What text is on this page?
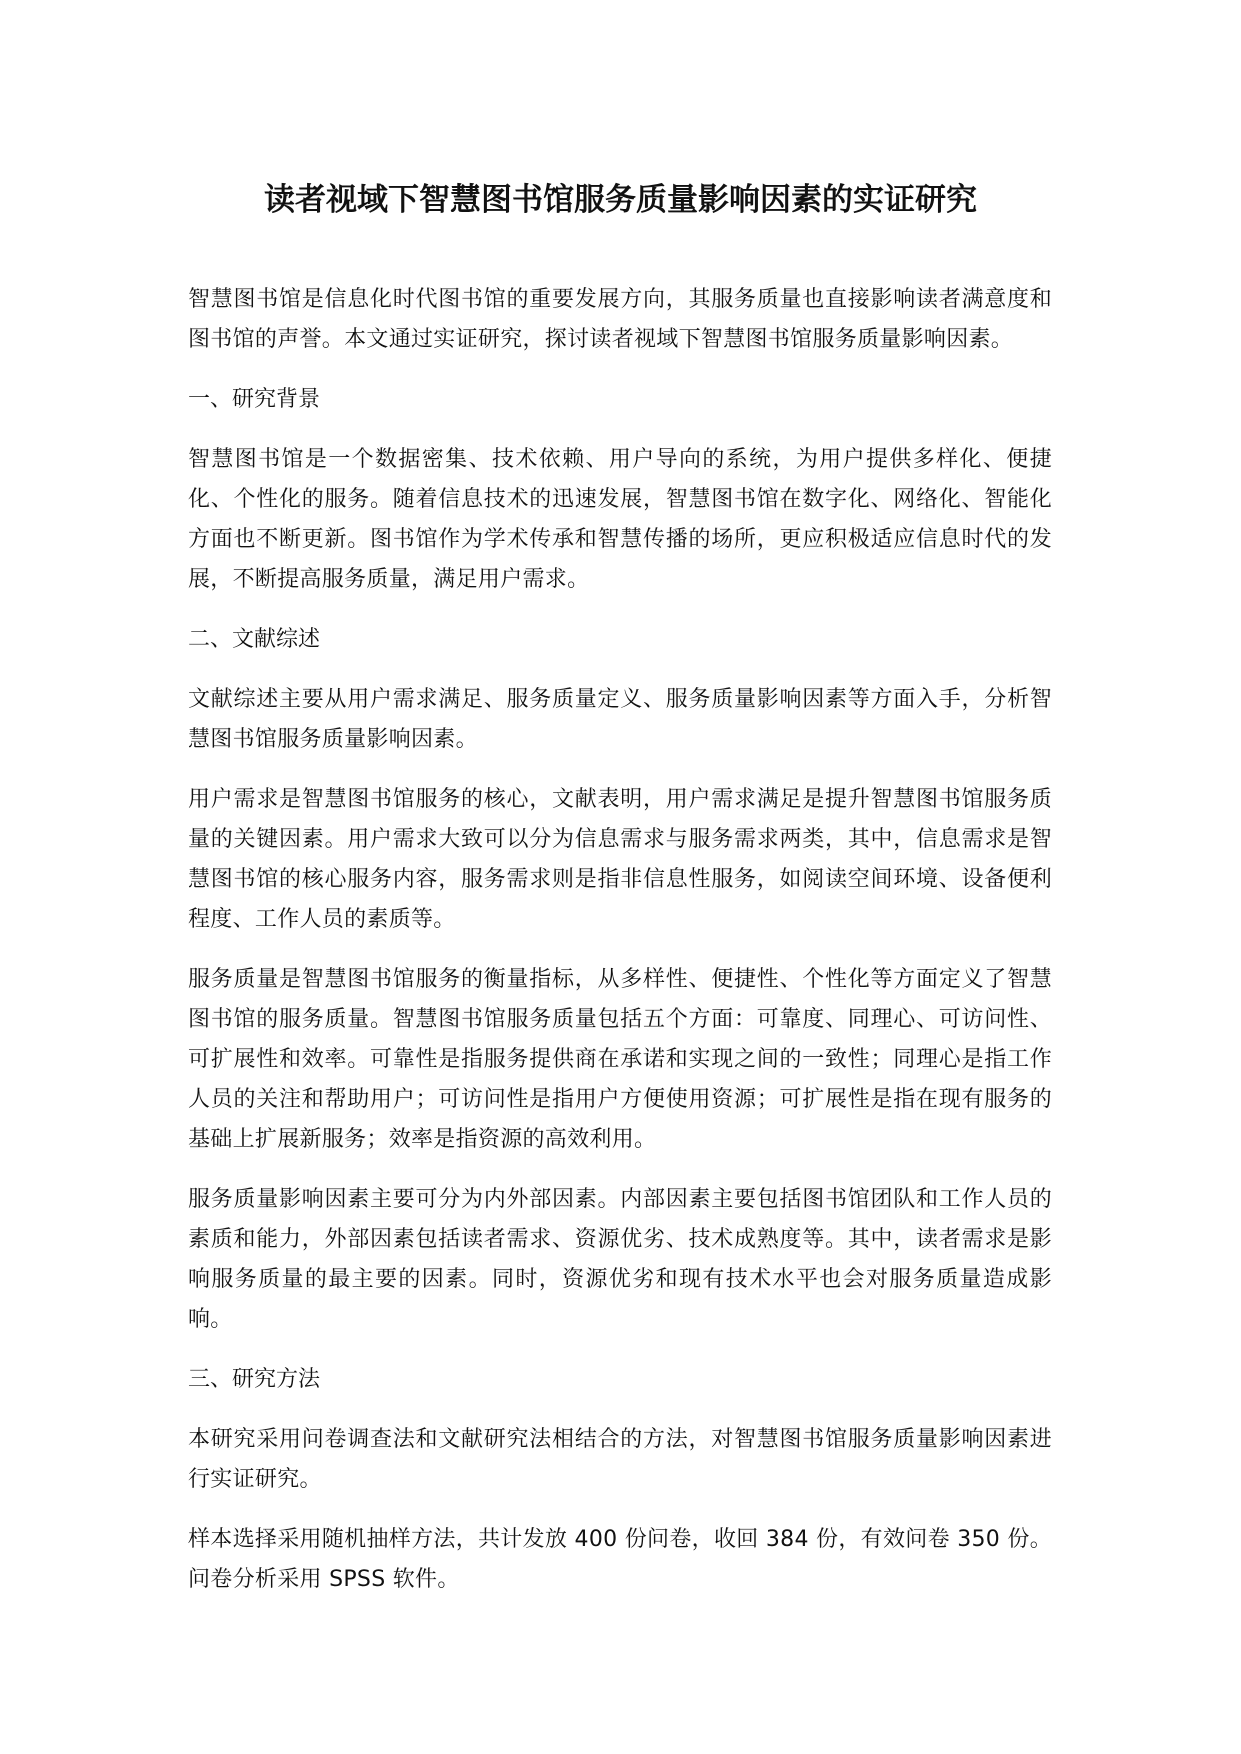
读者视域下智慧图书馆服务质量影响因素的实证研究

智慧图书馆是信息化时代图书馆的重要发展方向，其服务质量也直接影响读者满意度和图书馆的声誉。本文通过实证研究，探讨读者视域下智慧图书馆服务质量影响因素。

一、研究背景

智慧图书馆是一个数据密集、技术依赖、用户导向的系统，为用户提供多样化、便捷化、个性化的服务。随着信息技术的迅速发展，智慧图书馆在数字化、网络化、智能化方面也不断更新。图书馆作为学术传承和智慧传播的场所，更应积极适应信息时代的发展，不断提高服务质量，满足用户需求。

二、文献综述

文献综述主要从用户需求满足、服务质量定义、服务质量影响因素等方面入手，分析智慧图书馆服务质量影响因素。

用户需求是智慧图书馆服务的核心，文献表明，用户需求满足是提升智慧图书馆服务质量的关键因素。用户需求大致可以分为信息需求与服务需求两类，其中，信息需求是智慧图书馆的核心服务内容，服务需求则是指非信息性服务，如阅读空间环境、设备便利程度、工作人员的素质等。

服务质量是智慧图书馆服务的衡量指标，从多样性、便捷性、个性化等方面定义了智慧图书馆的服务质量。智慧图书馆服务质量包括五个方面：可靠度、同理心、可访问性、可扩展性和效率。可靠性是指服务提供商在承诺和实现之间的一致性；同理心是指工作人员的关注和帮助用户；可访问性是指用户方便使用资源；可扩展性是指在现有服务的基础上扩展新服务；效率是指资源的高效利用。

服务质量影响因素主要可分为内外部因素。内部因素主要包括图书馆团队和工作人员的素质和能力，外部因素包括读者需求、资源优劣、技术成熟度等。其中，读者需求是影响服务质量的最主要的因素。同时，资源优劣和现有技术水平也会对服务质量造成影响。

三、研究方法

本研究采用问卷调查法和文献研究法相结合的方法，对智慧图书馆服务质量影响因素进行实证研究。

样本选择采用随机抽样方法，共计发放 400 份问卷，收回 384 份，有效问卷 350 份。问卷分析采用 SPSS 软件。
